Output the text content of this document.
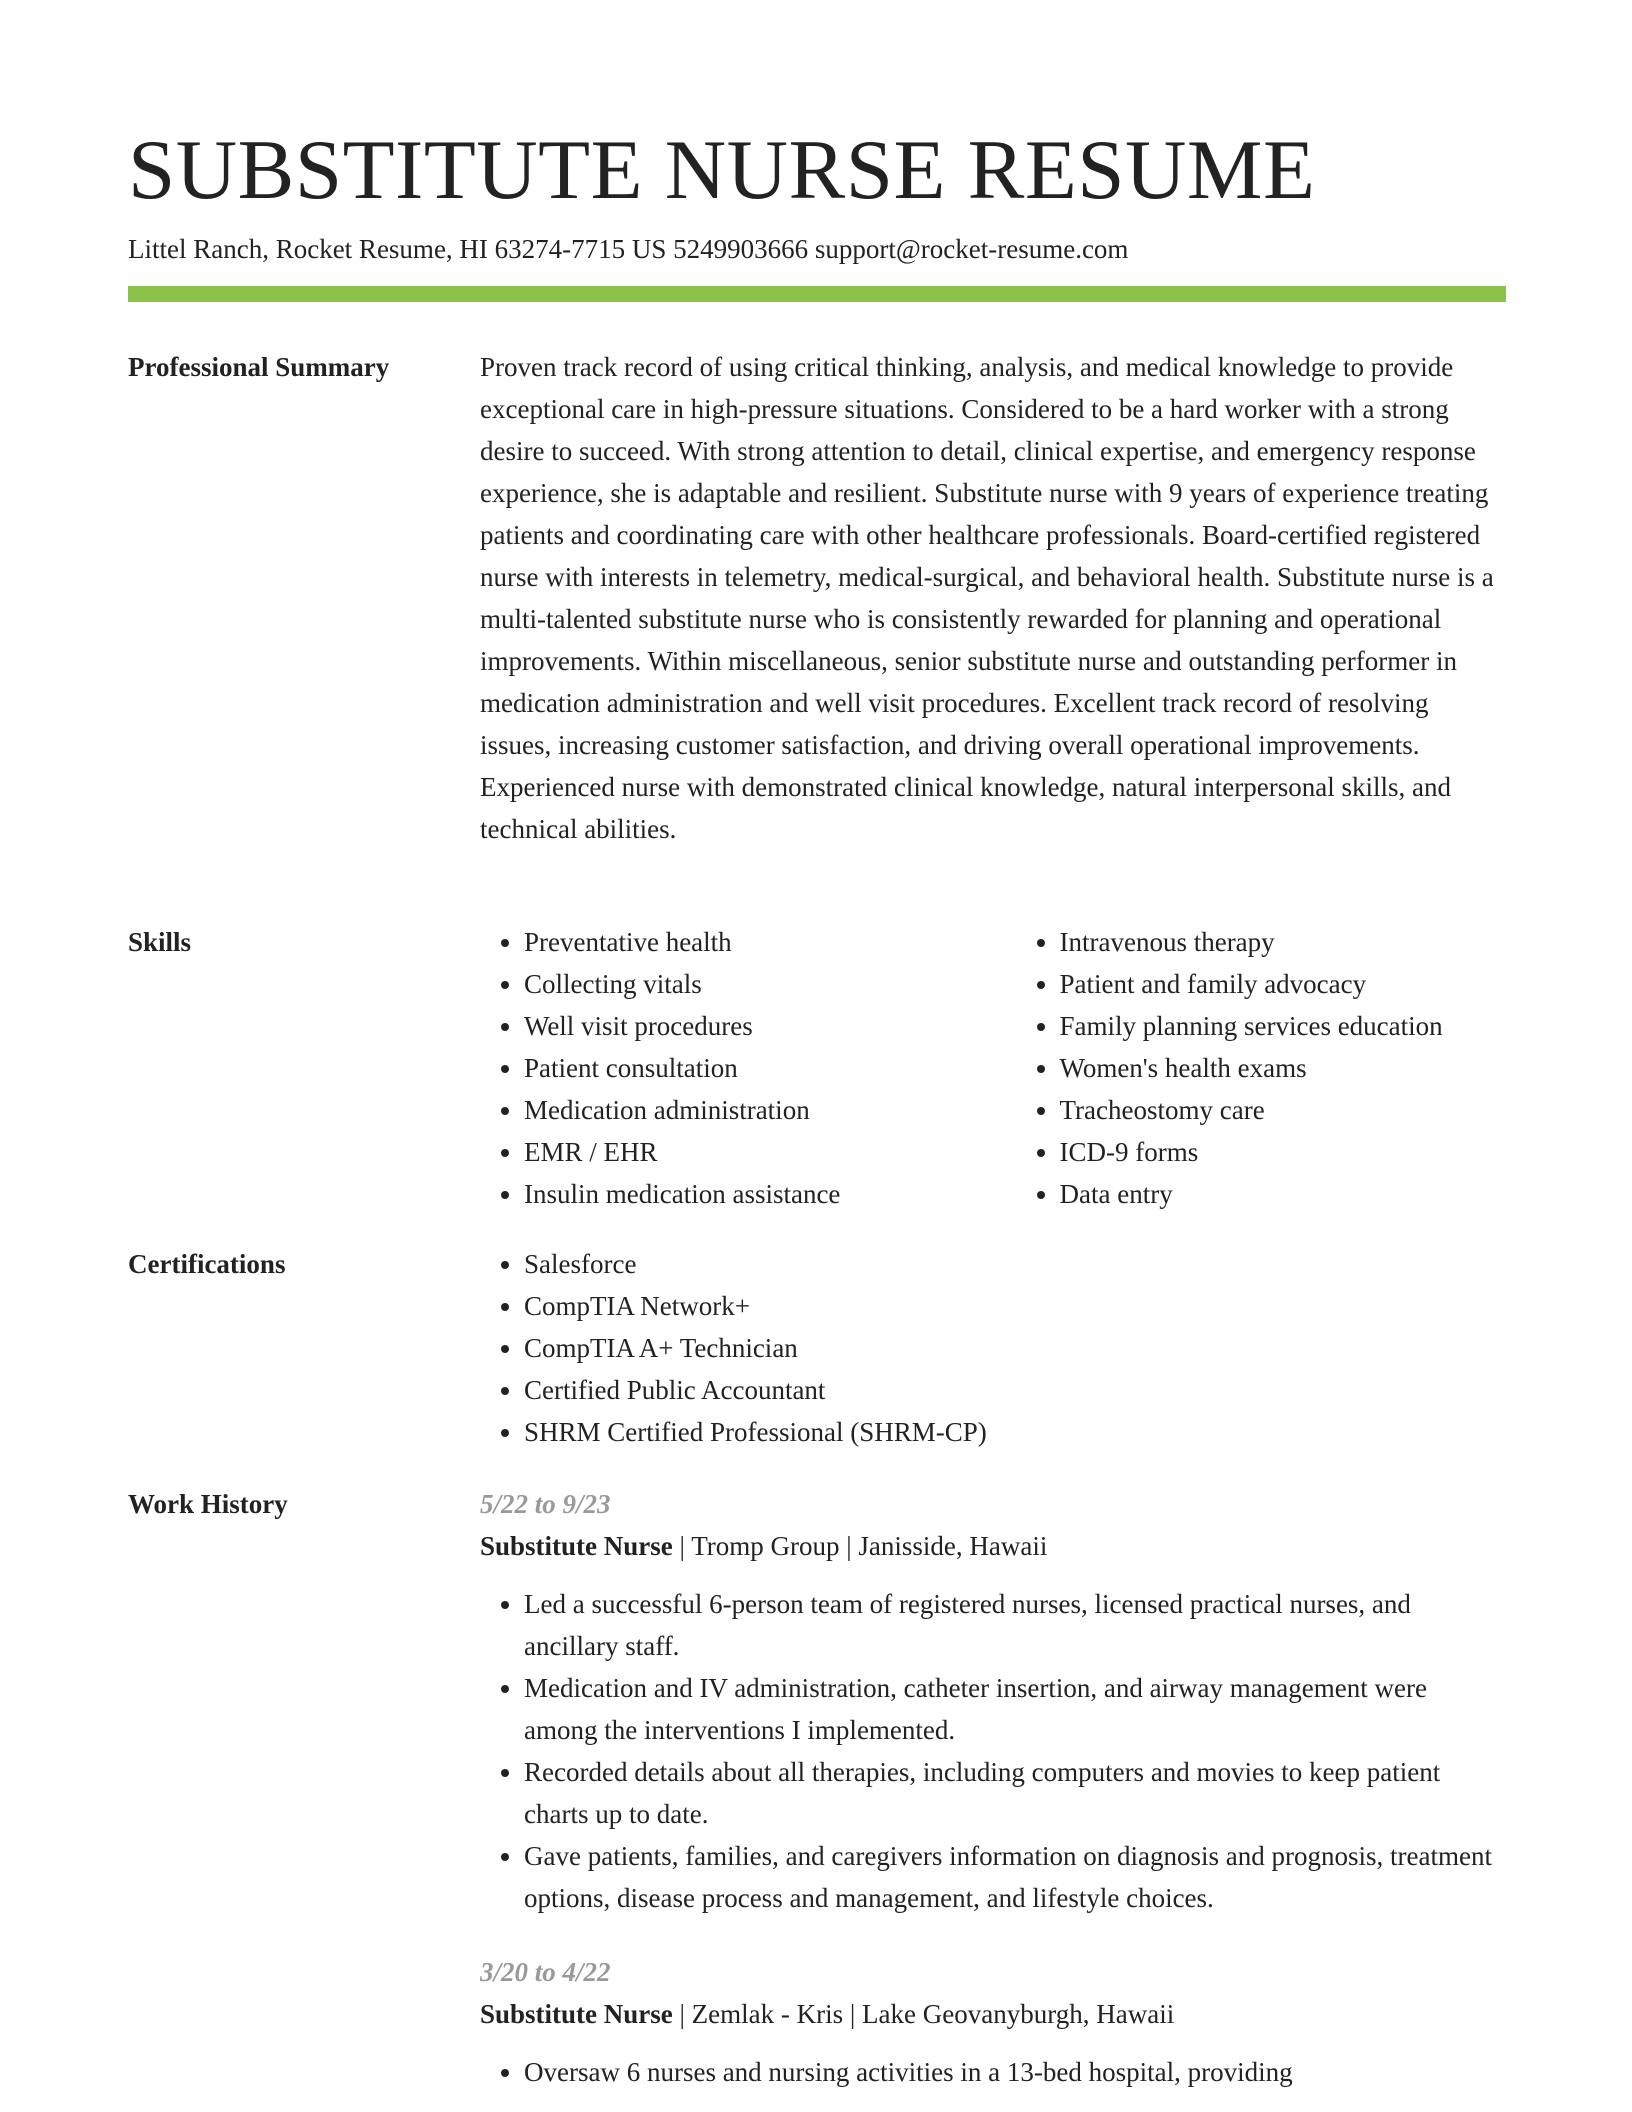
SUBSTITUTE NURSE RESUME
Littel Ranch, Rocket Resume, HI 63274-7715 US 5249903666 support@rocket-resume.com
Professional Summary	Proven track record of using critical thinking, analysis, and medical knowledge to provide exceptional care in high-pressure situations. Considered to be a hard worker with a strong desire to succeed. With strong attention to detail, clinical expertise, and emergency response experience, she is adaptable and resilient. Substitute nurse with 9 years of experience treating patients and coordinating care with other healthcare professionals. Board-certified registered nurse with interests in telemetry, medical-surgical, and behavioral health. Substitute nurse is a multi-talented substitute nurse who is consistently rewarded for planning and operational improvements. Within miscellaneous, senior substitute nurse and outstanding performer in medication administration and well visit procedures. Excellent track record of resolving issues, increasing customer satisfaction, and driving overall operational improvements. Experienced nurse with demonstrated clinical knowledge, natural interpersonal skills, and technical abilities.

Skills	• Preventative health
• Collecting vitals
• Well visit procedures
• Patient consultation
• Medication administration
• EMR / EHR
• Insulin medication assistance
• Intravenous therapy
• Patient and family advocacy
• Family planning services education
• Women's health exams
• Tracheostomy care
• ICD-9 forms
• Data entry
Certifications	• Salesforce
• CompTIA Network+
• CompTIA A+ Technician
• Certified Public Accountant
• SHRM Certified Professional (SHRM-CP)
Work History	5/22 to 9/23
Substitute Nurse | Tromp Group | Janisside, Hawaii
• Led a successful 6-person team of registered nurses, licensed practical nurses, and ancillary staff.
• Medication and IV administration, catheter insertion, and airway management were among the interventions I implemented.
• Recorded details about all therapies, including computers and movies to keep patient charts up to date.
• Gave patients, families, and caregivers information on diagnosis and prognosis, treatment options, disease process and management, and lifestyle choices.
3/20 to 4/22
Substitute Nurse | Zemlak - Kris | Lake Geovanyburgh, Hawaii
• Oversaw 6 nurses and nursing activities in a 13-bed hospital, providing
